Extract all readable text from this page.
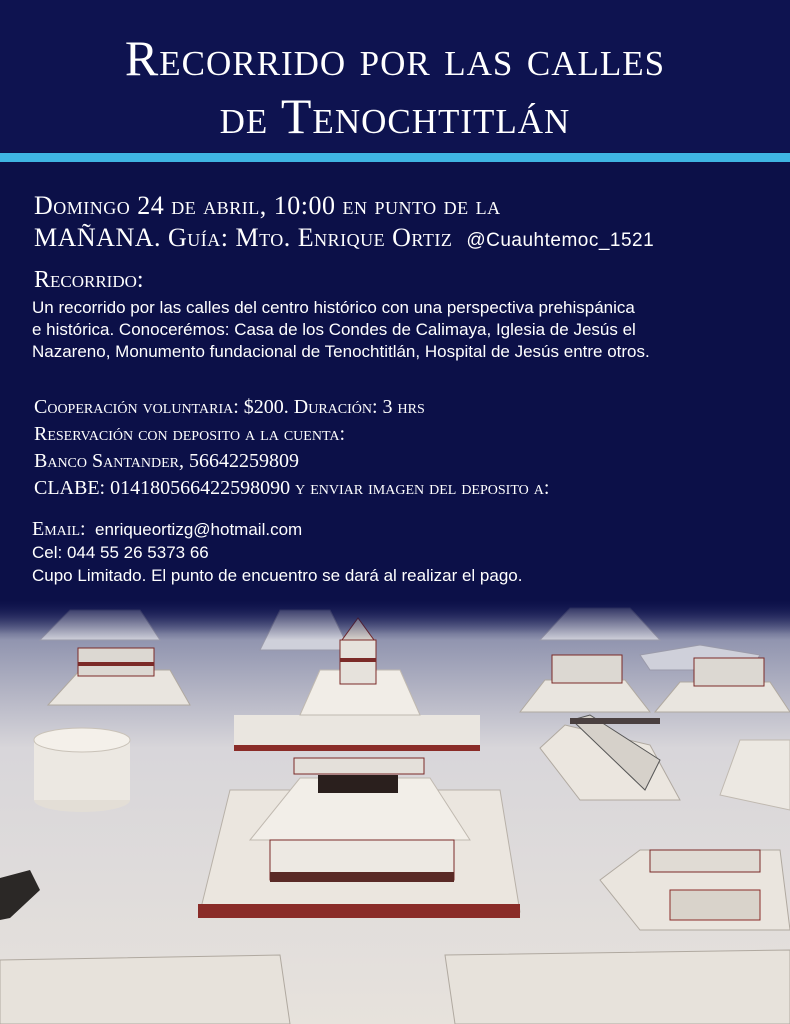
Recorrido por las calles
de Tenochtitlán
Domingo 24 de abril, 10:00 en punto de la
MAÑANA. Guía: Mto. Enrique Ortiz @Cuauhtemoc_1521
Recorrido:
Un recorrido por las calles del centro histórico con una perspectiva prehispánica
e histórica. Conocerémos: Casa de los Condes de Calimaya, Iglesia de Jesús el
Nazareno, Monumento fundacional de Tenochtitlán, Hospital de Jesús entre otros.
Cooperación voluntaria: $200. Duración: 3 hrs
Reservación con deposito a la cuenta:
Banco Santander, 56642259809
CLABE: 014180566422598090 y enviar imagen del deposito a:
Email: enriqueortizg@hotmail.com
Cel: 044 55 26 5373 66
Cupo Limitado. El punto de encuentro se dará al realizar el pago.
